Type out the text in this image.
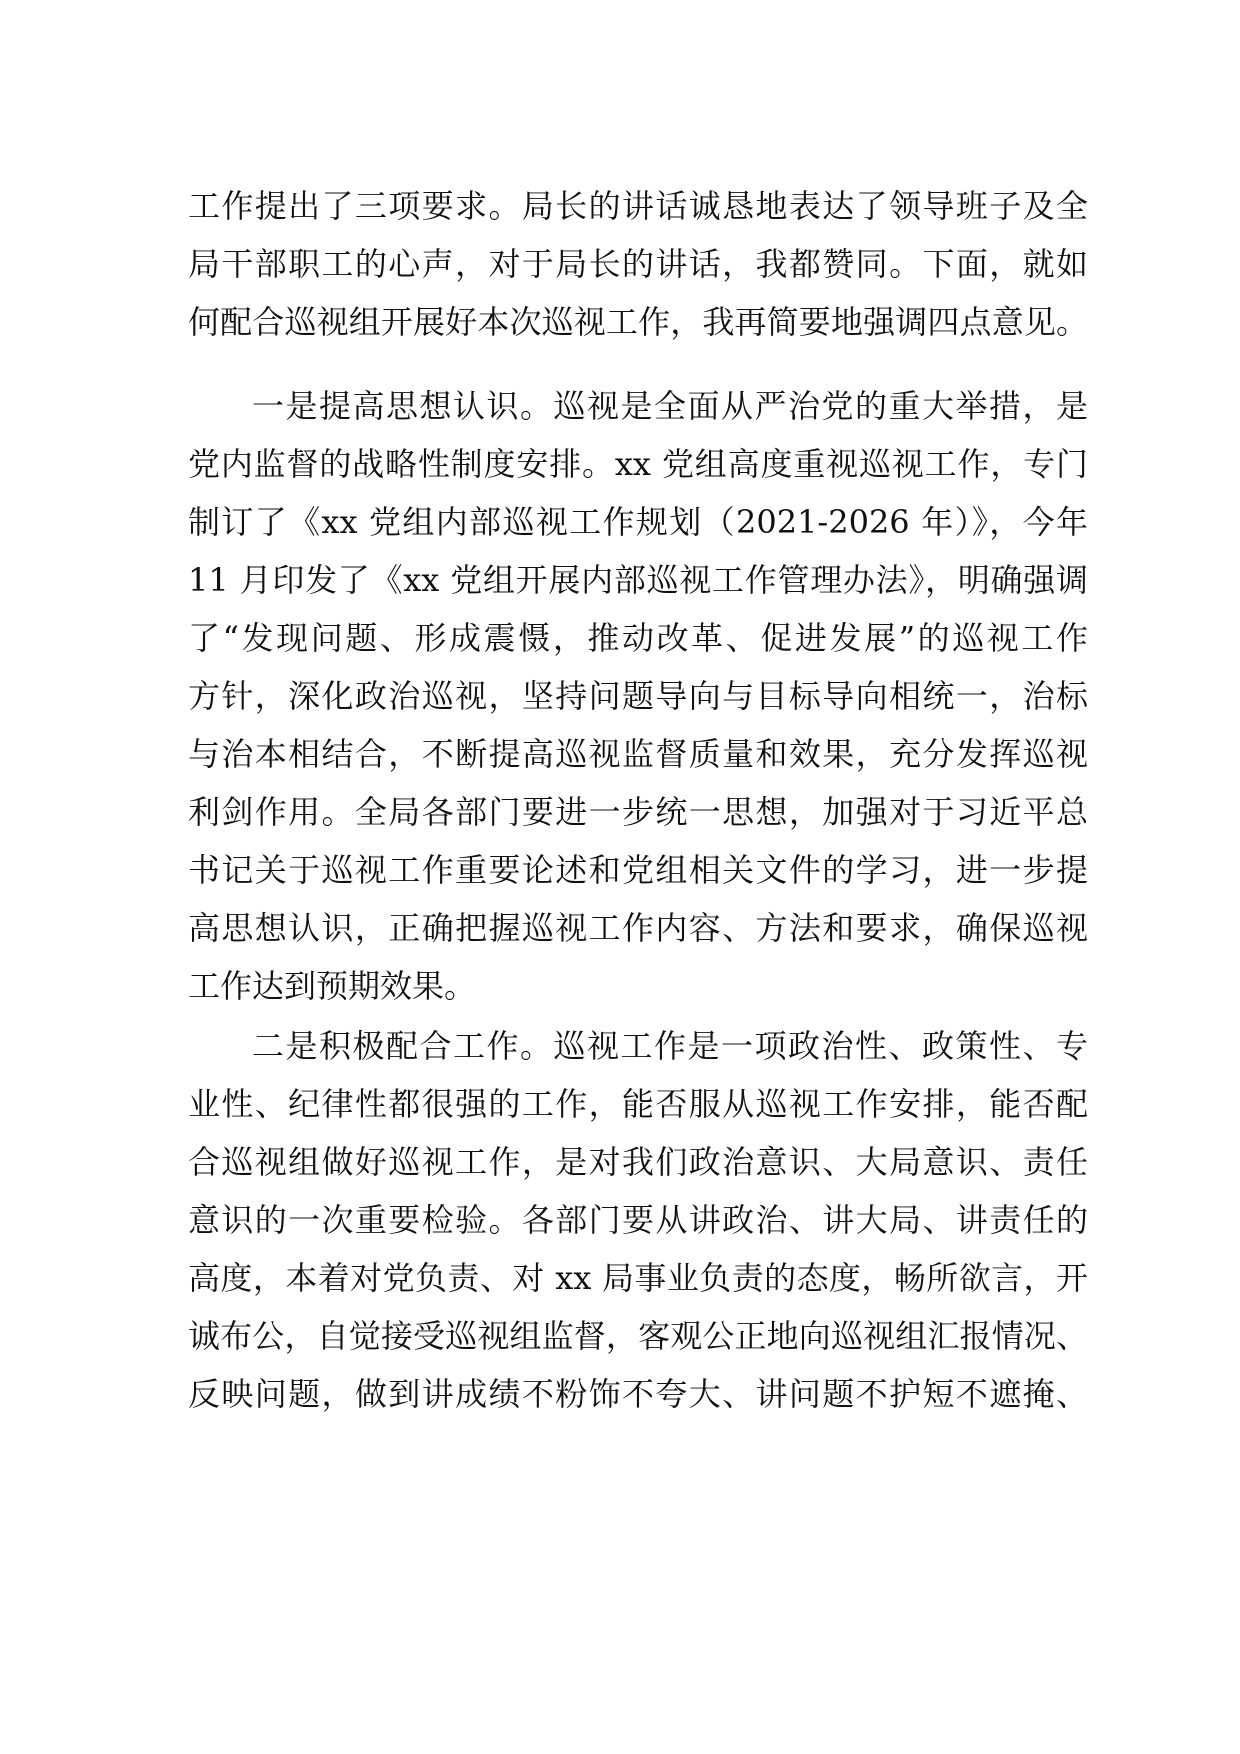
工作提出了三项要求。局长的讲话诚恳地表达了领导班子及全
局干部职工的心声，对于局长的讲话，我都赞同。下面，就如
何配合巡视组开展好本次巡视工作，我再简要地强调四点意见。
一是提高思想认识。巡视是全面从严治党的重大举措，是
党内监督的战略性制度安排。xx 党组高度重视巡视工作，专门
制订了《xx 党组内部巡视工作规划（2021-2026 年）》，今年
11 月印发了《xx 党组开展内部巡视工作管理办法》，明确强调
了“发现问题、形成震慑，推动改革、促进发展”的巡视工作
方针，深化政治巡视，坚持问题导向与目标导向相统一，治标
与治本相结合，不断提高巡视监督质量和效果，充分发挥巡视
利剑作用。全局各部门要进一步统一思想，加强对于习近平总
书记关于巡视工作重要论述和党组相关文件的学习，进一步提
高思想认识，正确把握巡视工作内容、方法和要求，确保巡视
工作达到预期效果。
二是积极配合工作。巡视工作是一项政治性、政策性、专
业性、纪律性都很强的工作，能否服从巡视工作安排，能否配
合巡视组做好巡视工作，是对我们政治意识、大局意识、责任
意识的一次重要检验。各部门要从讲政治、讲大局、讲责任的
高度，本着对党负责、对 xx 局事业负责的态度，畅所欲言，开
诚布公，自觉接受巡视组监督，客观公正地向巡视组汇报情况、
反映问题，做到讲成绩不粉饰不夸大、讲问题不护短不遮掩、
